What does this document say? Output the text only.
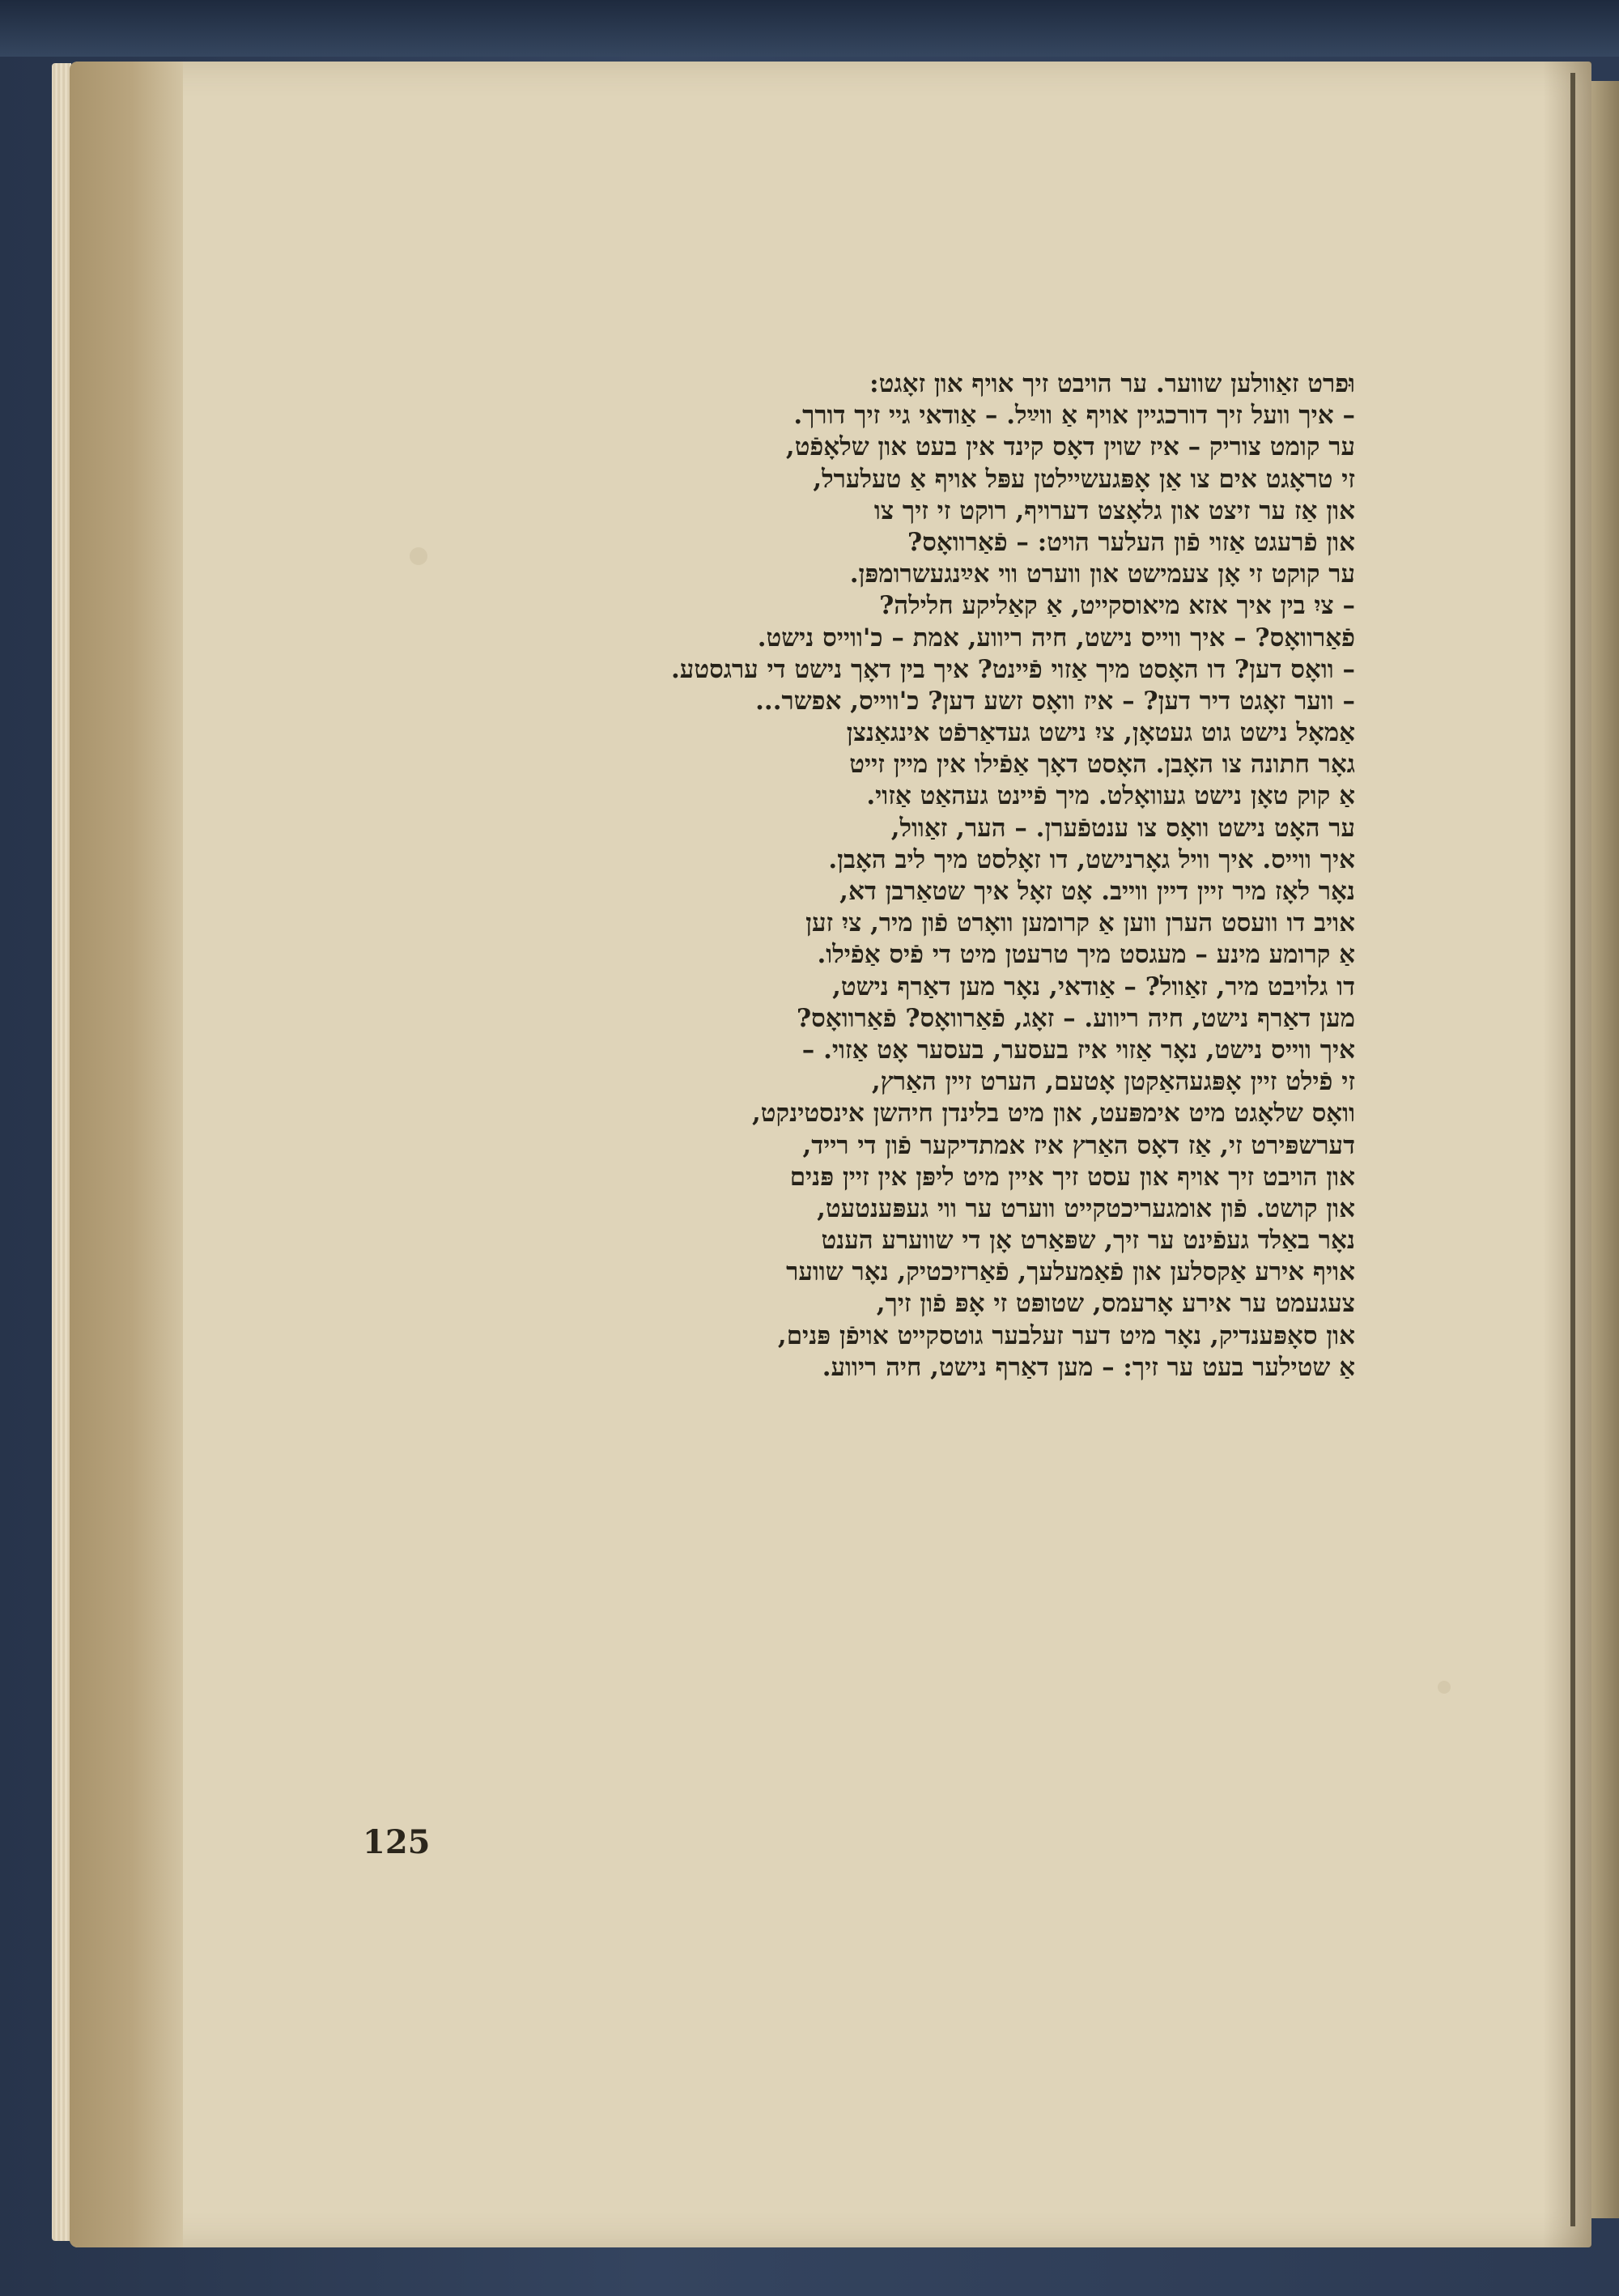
וּפרט זאַוולען שווער. ער הויבט זיך אויף און זאָגט:
– איך וועל זיך דורכגיין אויף אַ ווײַל. – אַודאי גיי זיך דורך.
ער קומט צוריק – איז שוין דאָס קינד אין בעט און שלאָפֿט,
זי טראָגט אים צו אַן אָפּגעשיילטן עפּל אויף אַ טעלערל,
און אַז ער זיצט און גלאָצט דערויף, רוקט זי זיך צו
און פֿרעגט אַזוי פֿון העלער הויט: – פֿאַרוואָס?
ער קוקט זי אָן צעמישט און ווערט ווי אײַנגעשרומפּן.
– ציִ בין איך אזא מיאוסקייט, אַ קאַליקע חלילה?
פֿאַרוואָס? – איך ווייס נישט, חיה ריווע, אמת – כ'ווייס נישט.
– וואָס דען? דו האָסט מיך אַזוי פֿיינט? איך בין דאָך נישט די ערגסטע.
– ווער זאָגט דיר דען? – איז וואָס זשע דען? כ'ווייס, אפשר...
אַמאָל נישט גוט געטאָן, ציִ נישט געדאַרפֿט אינגאַנצן
גאָר חתונה צו האָבן. האָסט דאָך אַפֿילו אין מיין זייט
אַ קוק טאָן נישט געוואָלט. מיך פֿיינט געהאַט אַזוי.
ער האָט נישט וואָס צו ענטפֿערן. – הער, זאַוול,
איך ווייס. איך וויל גאָרנישט, דו זאָלסט מיך ליב האָבן.
נאָר לאָז מיר זיין דיין ווייב. אָט זאָל איך שטאַרבן דא,
אויב דו וועסט הערן ווען אַ קרומען וואָרט פֿון מיר, ציִ זען
אַ קרומע מינע – מעגסט מיך טרעטן מיט די פֿיס אַפֿילו.
דו גלויבט מיר, זאַוול? – אַודאי, נאָר מען דאַרף נישט,
מען דאַרף נישט, חיה ריווע. – זאָג, פֿאַרוואָס? פֿאַרוואָס?
איך ווייס נישט, נאָר אַזוי איז בעסער, בעסער אָט אַזוי. –
זי פֿילט זיין אָפּגעהאַקטן אָטעם, הערט זיין האַרץ,
וואָס שלאָגט מיט אימפּעט, און מיט בלינדן חיהשן אינסטינקט,
דערשפּירט זי, אַז דאָס האַרץ איז אמתדיקער פֿון די רייד,
און הויבט זיך אויף און עסט זיך איין מיט ליפּן אין זיין פּנים
און קושט. פֿון אומגעריכטקייט ווערט ער ווי געפּענטעט,
נאָר באַלד געפֿינט ער זיך, שפּאַרט אָן די שווערע הענט
אויף אירע אַקסלען און פֿאַמעלעך, פֿאַרזיכטיק, נאָר שווער
צעגעמט ער אירע אָרעמס, שטופּט זי אָפּ פֿון זיך,
און סאָפּענדיק, נאָר מיט דער זעלבער גוטסקייט אויפֿן פּנים,
אַ שטילער בעט ער זיך: – מען דאַרף נישט, חיה ריווע.
125
